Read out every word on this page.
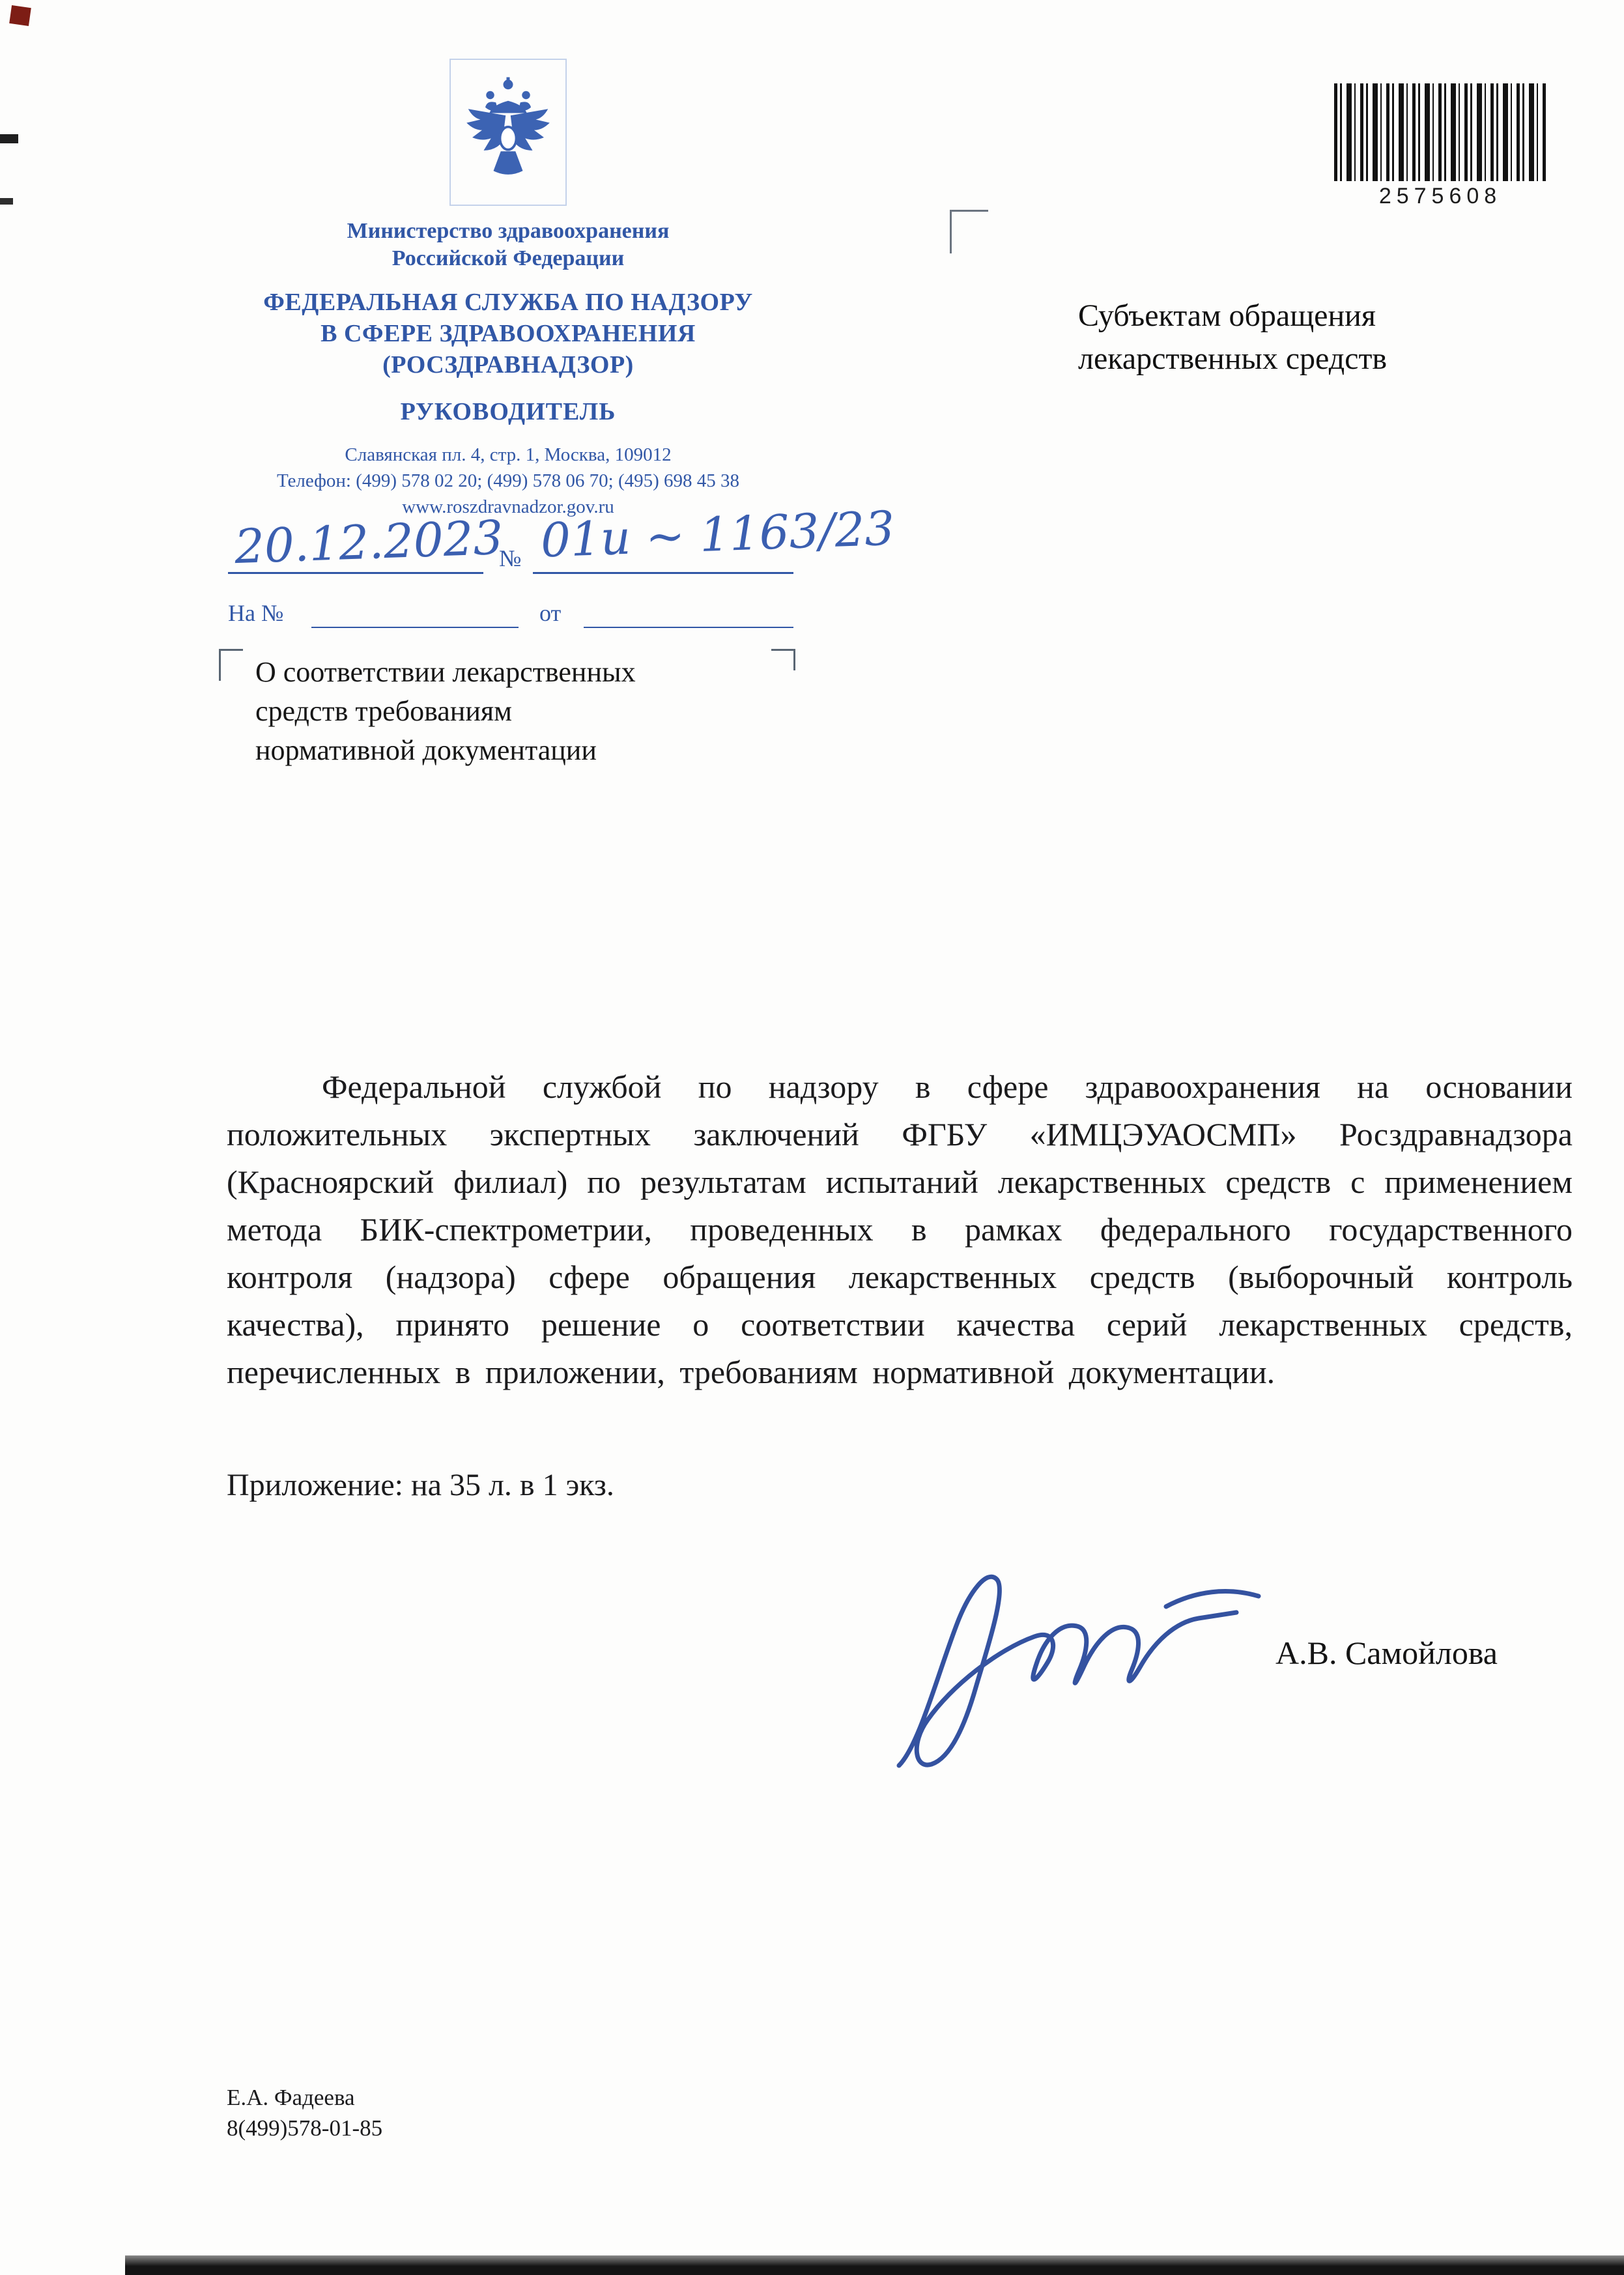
Министерство здравоохранения
Российской Федерации
ФЕДЕРАЛЬНАЯ СЛУЖБА ПО НАДЗОРУ
В СФЕРЕ ЗДРАВООХРАНЕНИЯ
(РОСЗДРАВНАДЗОР)
РУКОВОДИТЕЛЬ
Славянская пл. 4, стр. 1, Москва, 109012
Телефон: (499) 578 02 20; (499) 578 06 70; (495) 698 45 38
www.roszdravnadzor.gov.ru
2575608
Субъектам обращения
лекарственных средств
20.12.2023
№ 01и ~ 1163/23
На №	от
О соответствии лекарственных
средств требованиям
нормативной документации
Федеральной службой по надзору в сфере здравоохранения на основании положительных экспертных заключений ФГБУ «ИМЦЭУАОСМП» Росздравнадзора (Красноярский филиал) по результатам испытаний лекарственных средств с применением метода БИК-спектрометрии, проведенных в рамках федерального государственного контроля (надзора) сфере обращения лекарственных средств (выборочный контроль качества), принято решение о соответствии качества серий лекарственных средств, перечисленных в приложении, требованиям нормативной документации.
Приложение: на 35 л. в 1 экз.
А.В. Самойлова
Е.А. Фадеева
8(499)578-01-85
